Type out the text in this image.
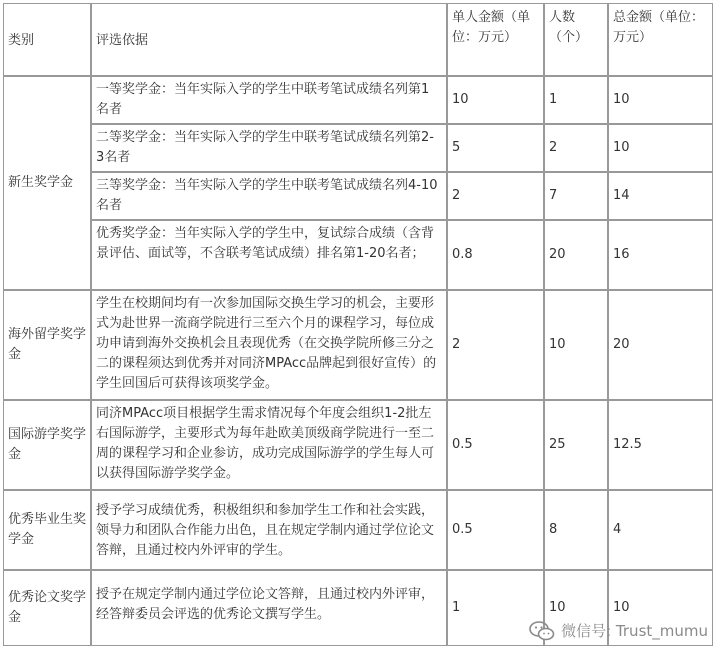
类别	评选依据	单人金额（单位：万元）	人数（个）	总金额（单位：万元）
新生奖学金	一等奖学金：当年实际入学的学生中联考笔试成绩名列第1名者	10	1	10
	二等奖学金：当年实际入学的学生中联考笔试成绩名列第2-3名者	5	2	10
	三等奖学金：当年实际入学的学生中联考笔试成绩名列4-10名者	2	7	14
	优秀奖学金：当年实际入学的学生中，复试综合成绩（含背景评估、面试等，不含联考笔试成绩）排名第1-20名者；	0.8	20	16
海外留学奖学金	学生在校期间均有一次参加国际交换生学习的机会，主要形式为赴世界一流商学院进行三至六个月的课程学习，每位成功申请到海外交换机会且表现优秀（在交换学院所修三分之二的课程须达到优秀并对同济MPAcc品牌起到很好宣传）的学生回国后可获得该项奖学金。	2	10	20
国际游学奖学金	同济MPAcc项目根据学生需求情况每个年度会组织1-2批左右国际游学，主要形式为每年赴欧美顶级商学院进行一至二周的课程学习和企业参访，成功完成国际游学的学生每人可以获得国际游学奖学金。	0.5	25	12.5
优秀毕业生奖学金	授予学习成绩优秀，积极组织和参加学生工作和社会实践，领导力和团队合作能力出色，且在规定学制内通过学位论文答辩，且通过校内外评审的学生。	0.5	8	4
优秀论文奖学金	授予在规定学制内通过学位论文答辩，且通过校内外评审，经答辩委员会评选的优秀论文撰写学生。	1	10	10
微信号: Trust_mumu
